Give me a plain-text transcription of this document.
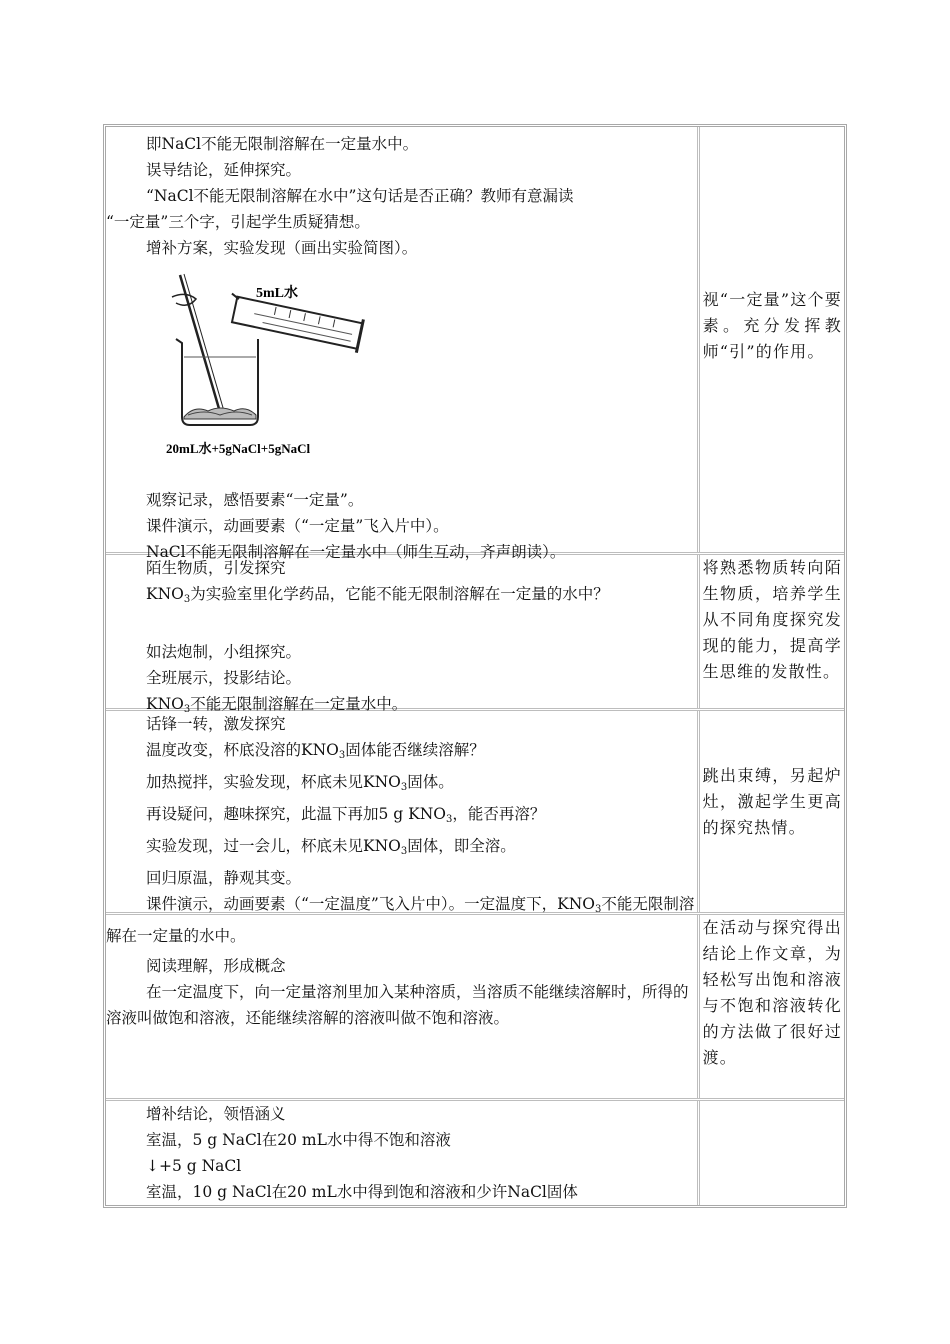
即NaCl不能无限制溶解在一定量水中。
误导结论，延伸探究。
“NaCl不能无限制溶解在水中”这句话是否正确？教师有意漏读
“一定量”三个字，引起学生质疑猜想。
增补方案，实验发现（画出实验简图）。
5mL水
20mL水+5gNaCl+5gNaCl
观察记录，感悟要素“一定量”。
课件演示，动画要素（“一定量”飞入片中）。
NaCl不能无限制溶解在一定量水中（师生互动，齐声朗读）。
视“一定量”这个要素。充分发挥教师“引”的作用。
陌生物质，引发探究
$KNO_3$为实验室里化学药品，它能不能无限制溶解在一定量的水中？
如法炮制，小组探究。
全班展示，投影结论。
$KNO_3$不能无限制溶解在一定量水中。
将熟悉物质转向陌生物质，培养学生从不同角度探究发现的能力，提高学生思维的发散性。
话锋一转，激发探究
温度改变，杯底没溶的$KNO_3$固体能否继续溶解？
加热搅拌，实验发现，杯底未见$KNO_3$固体。
再设疑问，趣味探究，此温下再加5 g $KNO_3$，能否再溶？
实验发现，过一会儿，杯底未见$KNO_3$固体，即全溶。
回归原温，静观其变。
课件演示，动画要素（“一定温度”飞入片中）。一定温度下，$KNO_3$不能无限制溶解在一定量的水中。
跳出束缚，另起炉灶，激起学生更高的探究热情。
阅读理解，形成概念
在一定温度下，向一定量溶剂里加入某种溶质，当溶质不能继续溶解时，所得的溶液叫做饱和溶液，还能继续溶解的溶液叫做不饱和溶液。
在活动与探究得出结论上作文章，为轻松写出饱和溶液与不饱和溶液转化的方法做了很好过渡。
增补结论，领悟涵义
室温，5 g NaCl在20 mL水中得不饱和溶液
↓+5 g NaCl
室温，10 g NaCl在20 mL水中得到饱和溶液和少许NaCl固体
